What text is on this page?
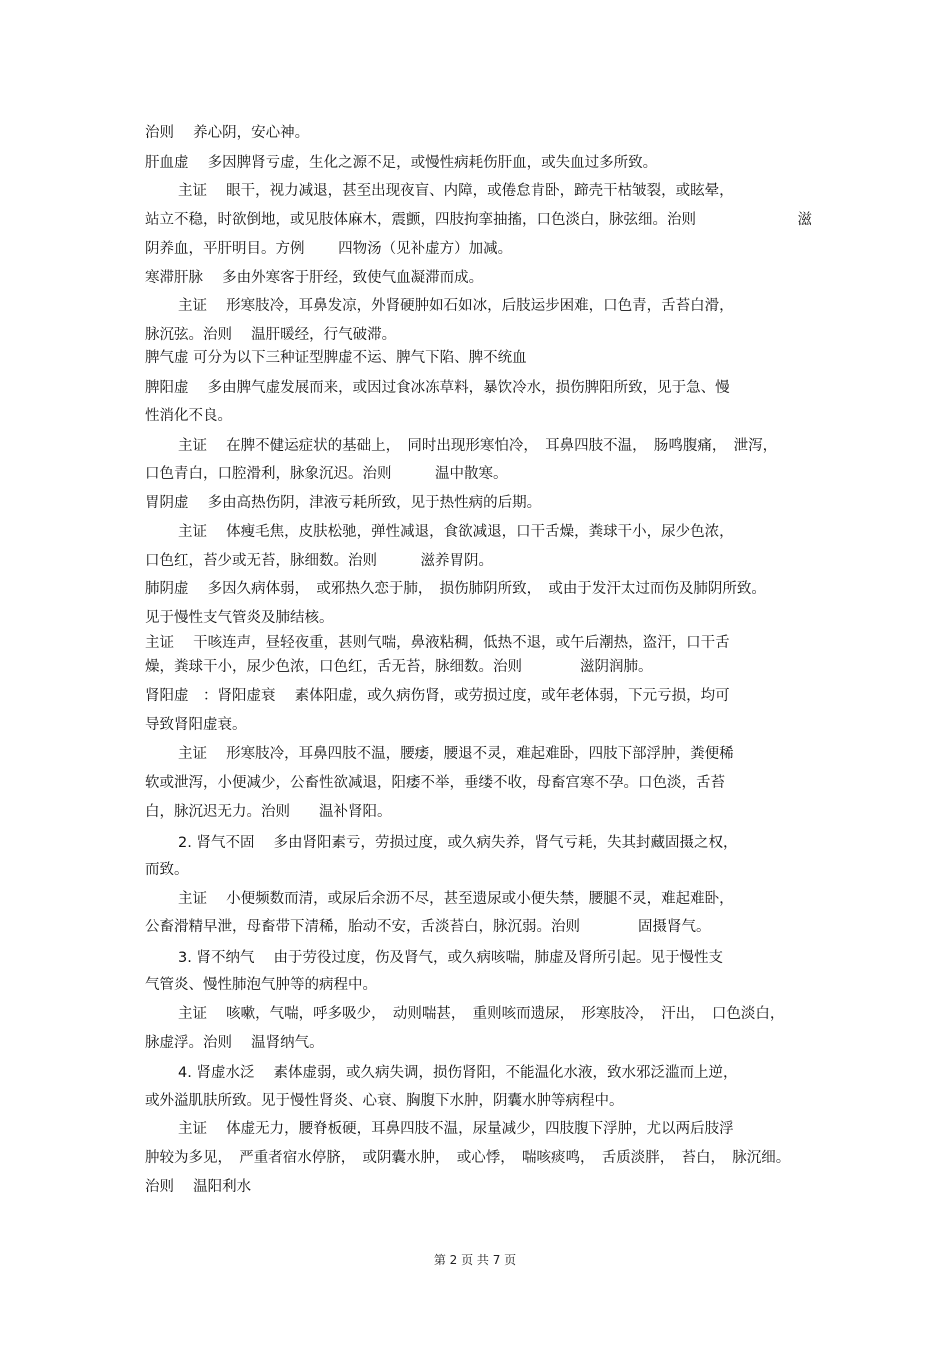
治则　 养心阴，安心神。
肝血虚　 多因脾肾亏虚，生化之源不足，或慢性病耗伤肝血，或失血过多所致。
主证　 眼干，视力减退，甚至出现夜盲、内障，或倦怠肯卧，蹄壳干枯皱裂，或眩晕，
站立不稳，时欲倒地，或见肢体麻木，震颤，四肢拘挛抽搐，口色淡白，脉弦细。治则　　　　　　　滋
阴养血，平肝明目。方例　　 四物汤（见补虚方）加减。
寒滞肝脉　 多由外寒客于肝经，致使气血凝滞而成。
主证　 形寒肢冷，耳鼻发凉，外肾硬肿如石如冰，后肢运步困难，口色青，舌苔白滑，
脉沉弦。治则　 温肝暖经，行气破滞。
脾气虚 可分为以下三种证型脾虚不运、脾气下陷、脾不统血
脾阳虚　 多由脾气虚发展而来，或因过食冰冻草料，暴饮冷水，损伤脾阳所致，见于急、慢
性消化不良。
主证　 在脾不健运症状的基础上，　同时出现形寒怕冷，　耳鼻四肢不温，　肠鸣腹痛，　泄泻，
口色青白，口腔滑利，脉象沉迟。治则　　　温中散寒。
胃阴虚　 多由高热伤阴，津液亏耗所致，见于热性病的后期。
主证　 体瘦毛焦，皮肤松驰，弹性减退，食欲减退，口干舌燥，粪球干小，尿少色浓，
口色红，苔少或无苔，脉细数。治则　　　滋养胃阴。
肺阴虚　 多因久病体弱，　或邪热久恋于肺，　损伤肺阴所致，　或由于发汗太过而伤及肺阴所致。
见于慢性支气管炎及肺结核。
主证　 干咳连声，昼轻夜重，甚则气喘，鼻液粘稠，低热不退，或午后潮热，盗汗，口干舌
燥，粪球干小，尿少色浓，口色红，舌无苔，脉细数。治则　　　　滋阴润肺。
肾阳虚　：肾阳虚衰　 素体阳虚，或久病伤肾，或劳损过度，或年老体弱，下元亏损，均可
导致肾阳虚衰。
主证　 形寒肢冷，耳鼻四肢不温，腰痿，腰退不灵，难起难卧，四肢下部浮肿，粪便稀
软或泄泻，小便减少，公畜性欲减退，阳痿不举，垂缕不收，母畜宫寒不孕。口色淡，舌苔
白，脉沉迟无力。治则　　温补肾阳。
2. 肾气不固　 多由肾阳素亏，劳损过度，或久病失养，肾气亏耗，失其封藏固摄之权，
而致。
主证　 小便频数而清，或尿后余沥不尽，甚至遗尿或小便失禁，腰腿不灵，难起难卧，
公畜滑精早泄，母畜带下清稀，胎动不安，舌淡苔白，脉沉弱。治则　　　　固摄肾气。
3. 肾不纳气　 由于劳役过度，伤及肾气，或久病咳喘，肺虚及肾所引起。见于慢性支
气管炎、慢性肺泡气肿等的病程中。
主证　 咳嗽，气喘，呼多吸少，　动则喘甚，　重则咳而遗尿，　形寒肢冷，　汗出，　口色淡白，
脉虚浮。治则　 温肾纳气。
4. 肾虚水泛　 素体虚弱，或久病失调，损伤肾阳，不能温化水液，致水邪泛滥而上逆，
或外溢肌肤所致。见于慢性肾炎、心衰、胸腹下水肿，阴囊水肿等病程中。
主证　 体虚无力，腰脊板硬，耳鼻四肢不温，尿量减少，四肢腹下浮肿，尤以两后肢浮
肿较为多见，　严重者宿水停脐，　或阴囊水肿，　或心悸，　喘咳痰鸣，　舌质淡胖，　苔白，　脉沉细。
治则　 温阳利水
第 2 页 共 7 页
